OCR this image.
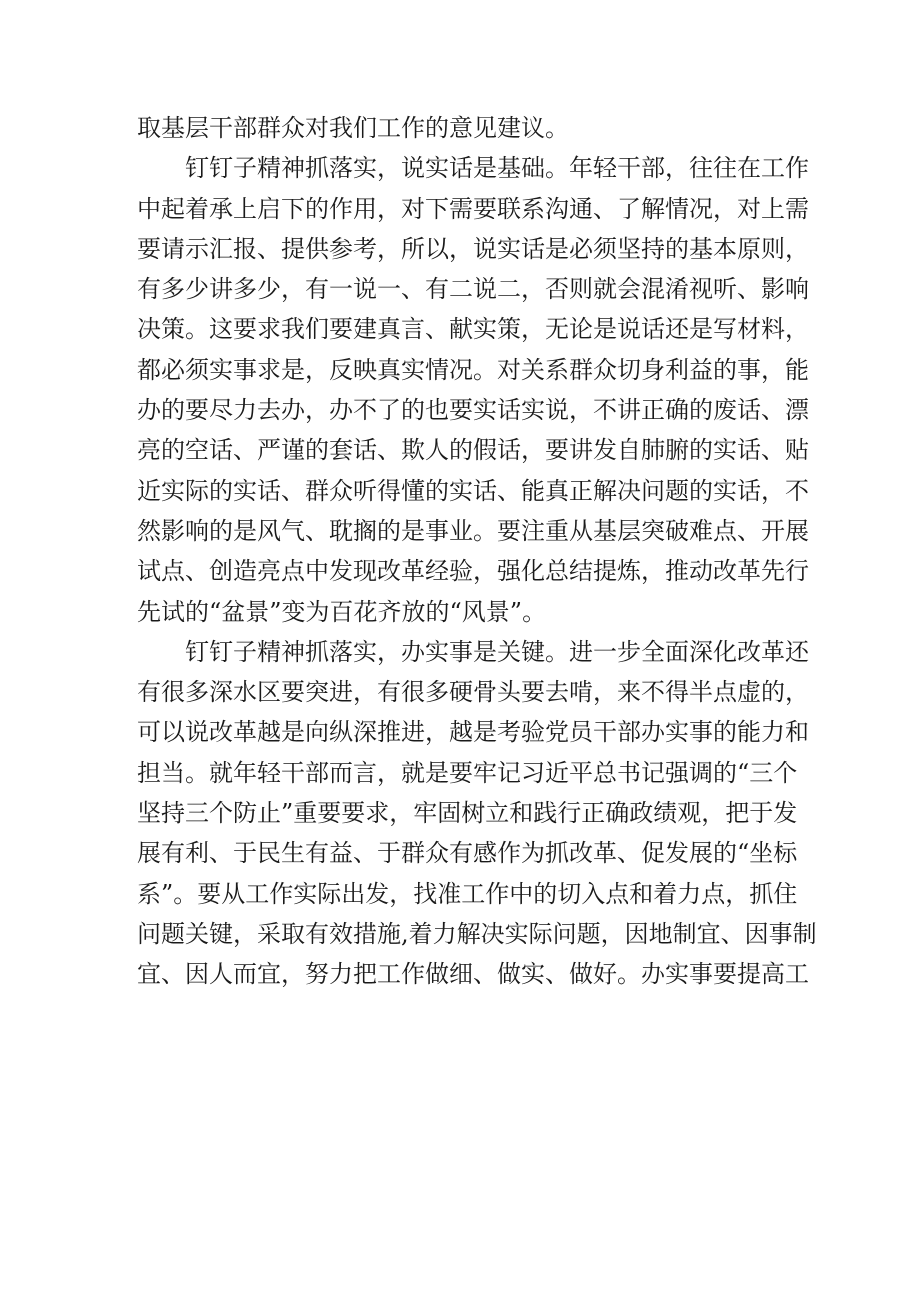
取基层干部群众对我们工作的意见建议。
　　钉钉子精神抓落实，说实话是基础。年轻干部，往往在工作
中起着承上启下的作用，对下需要联系沟通、了解情况，对上需
要请示汇报、提供参考，所以，说实话是必须坚持的基本原则，
有多少讲多少，有一说一、有二说二，否则就会混淆视听、影响
决策。这要求我们要建真言、献实策，无论是说话还是写材料，
都必须实事求是，反映真实情况。对关系群众切身利益的事，能
办的要尽力去办，办不了的也要实话实说，不讲正确的废话、漂
亮的空话、严谨的套话、欺人的假话，要讲发自肺腑的实话、贴
近实际的实话、群众听得懂的实话、能真正解决问题的实话，不
然影响的是风气、耽搁的是事业。要注重从基层突破难点、开展
试点、创造亮点中发现改革经验，强化总结提炼，推动改革先行
先试的“盆景”变为百花齐放的“风景”。
　　钉钉子精神抓落实，办实事是关键。进一步全面深化改革还
有很多深水区要突进，有很多硬骨头要去啃，来不得半点虚的，
可以说改革越是向纵深推进，越是考验党员干部办实事的能力和
担当。就年轻干部而言，就是要牢记习近平总书记强调的“三个
坚持三个防止”重要要求，牢固树立和践行正确政绩观，把于发
展有利、于民生有益、于群众有感作为抓改革、促发展的“坐标
系”。要从工作实际出发，找准工作中的切入点和着力点，抓住
问题关键，采取有效措施,着力解决实际问题，因地制宜、因事制
宜、因人而宜，努力把工作做细、做实、做好。办实事要提高工
